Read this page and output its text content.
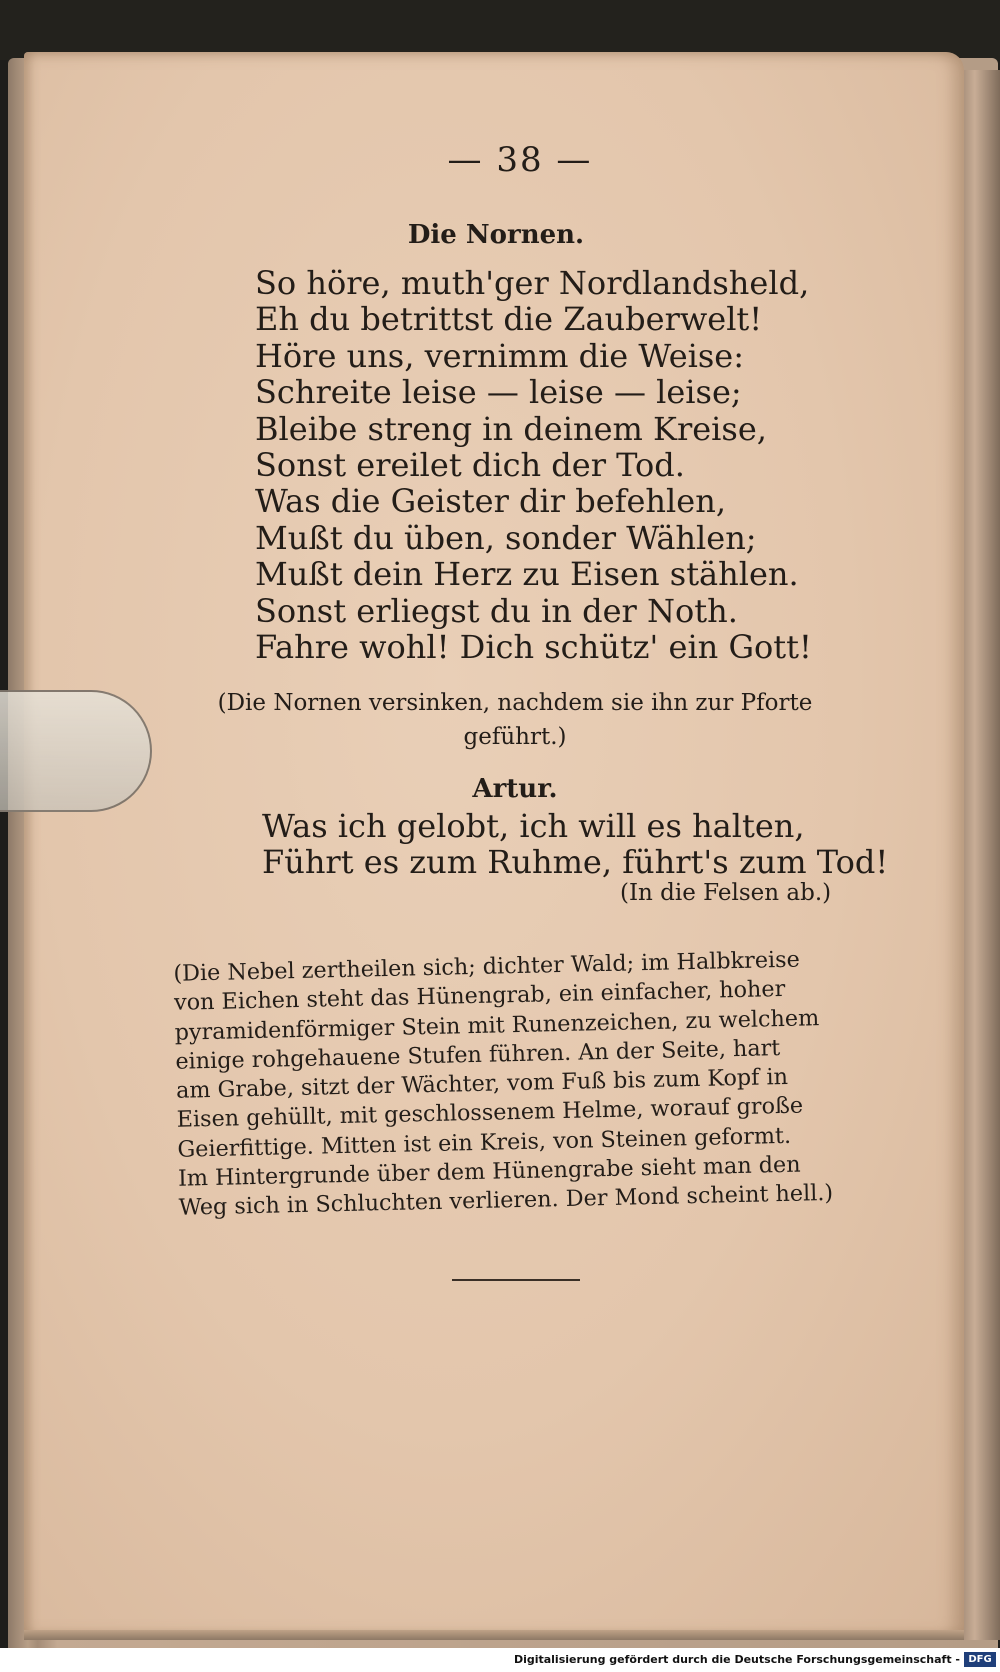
— 38 —
Die Nornen.
So höre, muth'ger Nordlandsheld,
Eh du betrittst die Zauberwelt!
Höre uns, vernimm die Weise:
Schreite leise — leise — leise;
Bleibe streng in deinem Kreise,
Sonst ereilet dich der Tod.
Was die Geister dir befehlen,
Mußt du üben, sonder Wählen;
Mußt dein Herz zu Eisen stählen.
Sonst erliegst du in der Noth.
Fahre wohl! Dich schütz' ein Gott!
(Die Nornen versinken, nachdem sie ihn zur Pforte
geführt.)
Artur.
Was ich gelobt, ich will es halten,
Führt es zum Ruhme, führt's zum Tod!
(In die Felsen ab.)
(Die Nebel zertheilen sich; dichter Wald; im Halbkreise
von Eichen steht das Hünengrab, ein einfacher, hoher
pyramidenförmiger Stein mit Runenzeichen, zu welchem
einige rohgehauene Stufen führen. An der Seite, hart
am Grabe, sitzt der Wächter, vom Fuß bis zum Kopf in
Eisen gehüllt, mit geschlossenem Helme, worauf große
Geierfittige. Mitten ist ein Kreis, von Steinen geformt.
Im Hintergrunde über dem Hünengrabe sieht man den
Weg sich in Schluchten verlieren. Der Mond scheint hell.)
Digitalisierung gefördert durch die Deutsche Forschungsgemeinschaft - DFG
